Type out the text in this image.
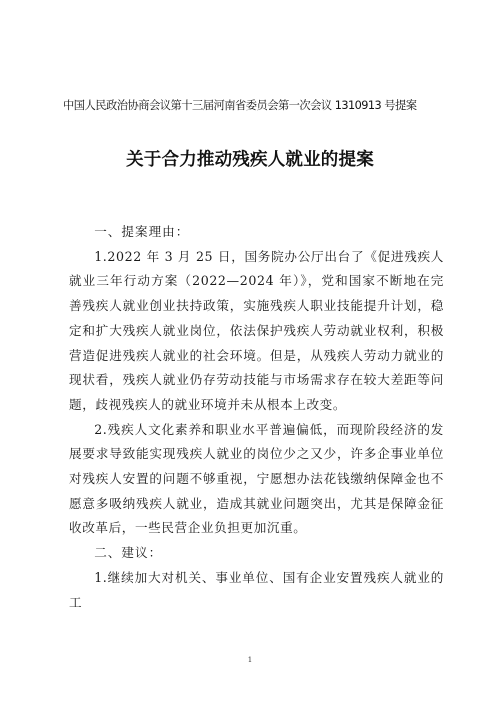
中国人民政治协商会议第十三届河南省委员会第一次会议 1310913 号提案
关于合力推动残疾人就业的提案

一、提案理由：

1.2022 年 3 月 25 日，国务院办公厅出台了《促进残疾人就业三年行动方案（2022—2024 年）》，党和国家不断地在完善残疾人就业创业扶持政策，实施残疾人职业技能提升计划，稳定和扩大残疾人就业岗位，依法保护残疾人劳动就业权利，积极营造促进残疾人就业的社会环境。但是，从残疾人劳动力就业的现状看，残疾人就业仍存劳动技能与市场需求存在较大差距等问题，歧视残疾人的就业环境并未从根本上改变。

2.残疾人文化素养和职业水平普遍偏低，而现阶段经济的发展要求导致能实现残疾人就业的岗位少之又少，许多企事业单位对残疾人安置的问题不够重视，宁愿想办法花钱缴纳保障金也不愿意多吸纳残疾人就业，造成其就业问题突出，尤其是保障金征收改革后，一些民营企业负担更加沉重。

二、建议：

1.继续加大对机关、事业单位、国有企业安置残疾人就业的工

1
